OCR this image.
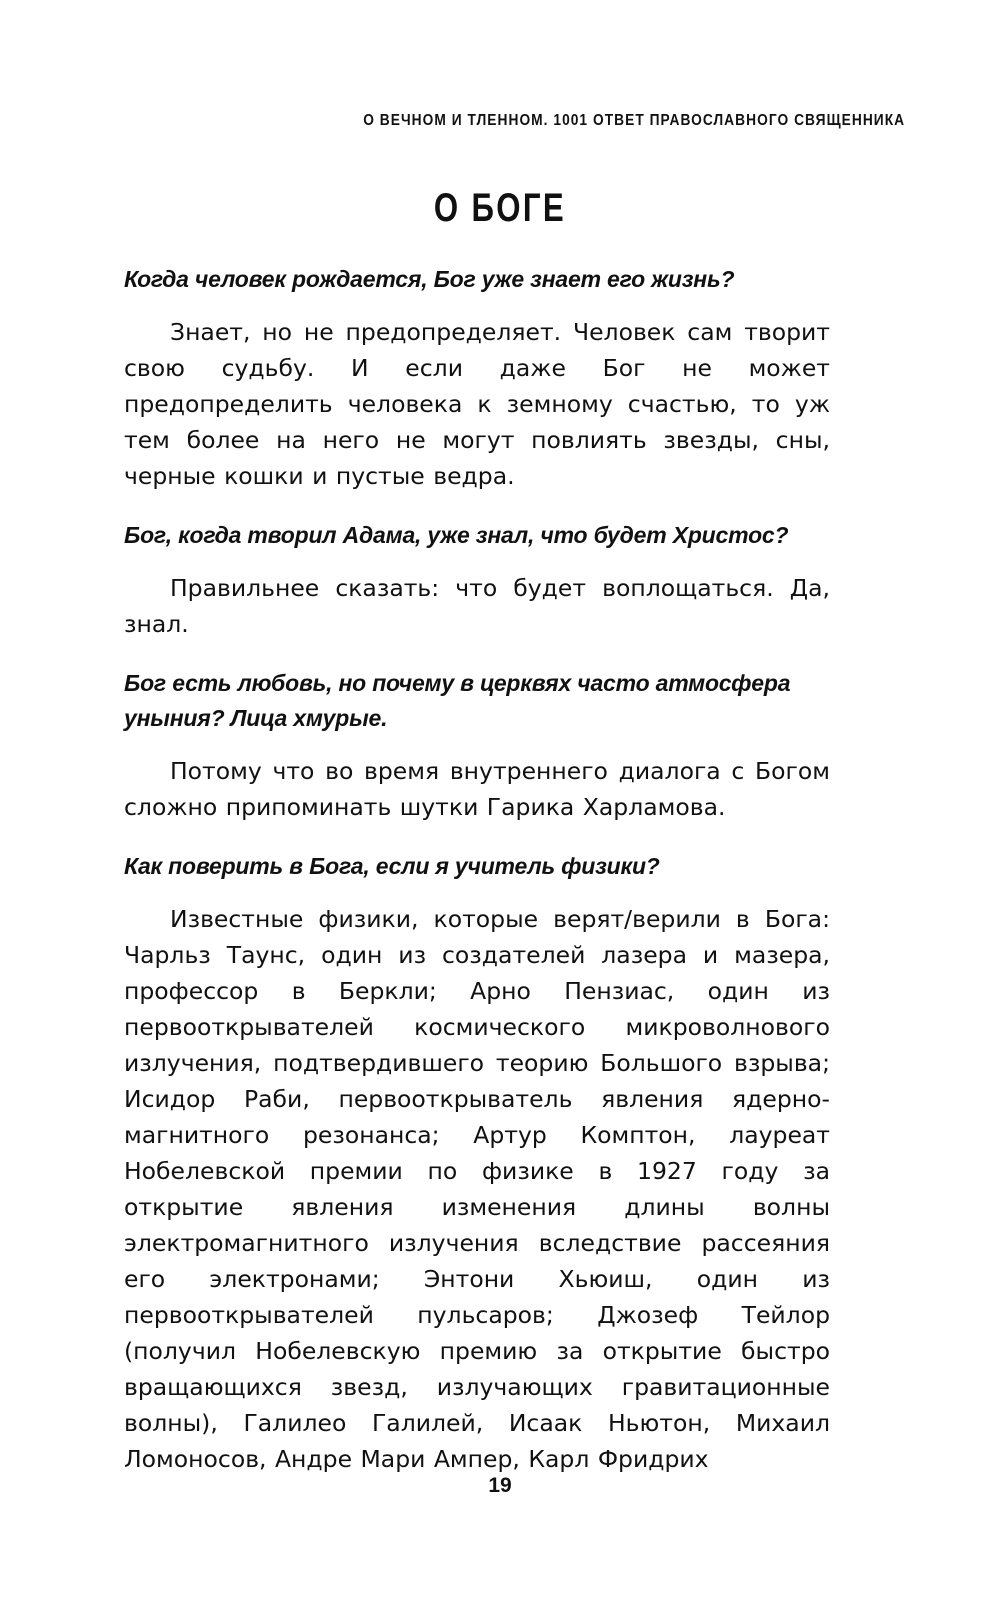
О ВЕЧНОМ И ТЛЕННОМ. 1001 ОТВЕТ ПРАВОСЛАВНОГО СВЯЩЕННИКА
О БОГЕ

Когда человек рождается, Бог уже знает его жизнь?

Знает, но не предопределяет. Человек сам творит свою судьбу. И если даже Бог не может предопределить человека к земному счастью, то уж тем более на него не могут повлиять звезды, сны, черные кошки и пустые ведра.

Бог, когда творил Адама, уже знал, что будет Христос?

Правильнее сказать: что будет воплощаться. Да, знал.

Бог есть любовь, но почему в церквях часто атмосфера уныния? Лица хмурые.

Потому что во время внутреннего диалога с Богом сложно припоминать шутки Гарика Харламова.

Как поверить в Бога, если я учитель физики?

Известные физики, которые верят/верили в Бога: Чарльз Таунс, один из создателей лазера и мазера, профессор в Беркли; Арно Пензиас, один из первооткрывателей космического микроволнового излучения, подтвердившего теорию Большого взрыва; Исидор Раби, первооткрыватель явления ядерно-магнитного резонанса; Артур Комптон, лауреат Нобелевской премии по физике в 1927 году за открытие явления изменения длины волны электромагнитного излучения вследствие рассеяния его электронами; Энтони Хьюиш, один из первооткрывателей пульсаров; Джозеф Тейлор (получил Нобелевскую премию за открытие быстро вращающихся звезд, излучающих гравитационные волны), Галилео Галилей, Исаак Ньютон, Михаил Ломоносов, Андре Мари Ампер, Карл Фридрих

19
